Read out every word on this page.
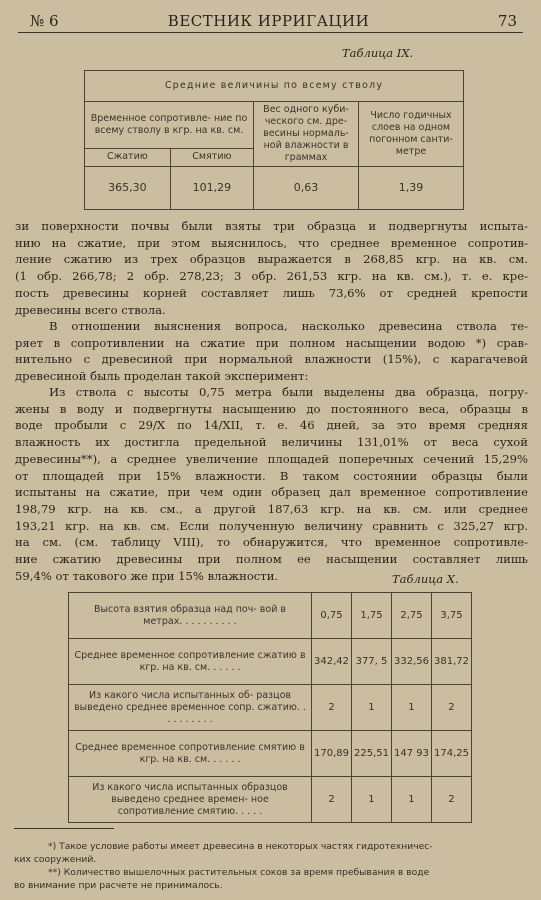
№ 6	ВЕСТНИК ИРРИГАЦИИ	73
Таблица IX.
Средние величины по всему стволу			
Временное сопротивле- ние по всему стволу в кгр. на кв. см.		Вес одного куби- ческого см. дре- весины нормаль- ной влажности в граммах	Число годичных слоев на одном погонном санти- метре
Сжатию	Смятию		
365,30	101,29	0,63	1,39
зи поверхности почвы были взяты три образца и подвергнуты испыта-
нию на сжатие, при этом выяснилось, что среднее временное сопротив-
ление сжатию из трех образцов выражается в 268,85 кгр. на кв. см.
(1 обр. 266,78; 2 обр. 278,23; 3 обр. 261,53 кгр. на кв. см.), т. е. кре-
пость древесины корней составляет лишь 73,6% от средней крепости
древесины всего ствола.
В отношении выяснения вопроса, насколько древесина ствола те-
ряет в сопротивлении на сжатие при полном насыщении водою *) срав-
нительно с древесиной при нормальной влажности (15%), с карагачевой
древесиной быль проделан такой эксперимент:
Из ствола с высоты 0,75 метра были выделены два образца, погру-
жены в воду и подвергнуты насыщению до постоянного веса, образцы в
воде пробыли с 29/X по 14/XII, т. е. 46 дней, за это время средняя
влажность их достигла предельной величины 131,01% от веса сухой
древесины**), а среднее увеличение площадей поперечных сечений 15,29%
от площадей при 15% влажности. В таком состоянии образцы были
испытаны на сжатие, при чем один образец дал временное сопротивление
198,79 кгр. на кв. см., а другой 187,63 кгр. на кв. см. или среднее
193,21 кгр. на кв. см. Если полученную величину сравнить с 325,27 кгр.
на см. (см. таблицу VIII), то обнаружится, что временное сопротивле-
ние сжатию древесины при полном ее насыщении составляет лишь
59,4% от такового же при 15% влажности.	Таблица X.
Высота взятия образца над поч- вой в метрах. . . . . . . . . .	0,75	1,75	2,75	3,75
Среднее временное сопротивление сжатию в кгр. на кв. см. . . . . .	342,42	377, 5	332,56	381,72
Из какого числа испытанных об- разцов выведено среднее временное сопр. сжатию. . . . . . . . . .	2	1	1	2
Среднее временное сопротивление смятию в кгр. на кв. см. . . . . .	170,89	225,51	147 93	174,25
Из какого числа испытанных образцов выведено среднее времен- ное сопротивление смятию. . . . .	2	1	1	2
*) Такое условие работы имеет древесина в некоторых частях гидротехничес-
ких сооружений.
**) Количество вышелочных растительных соков за время пребывания в воде
во внимание при расчете не принималось.
